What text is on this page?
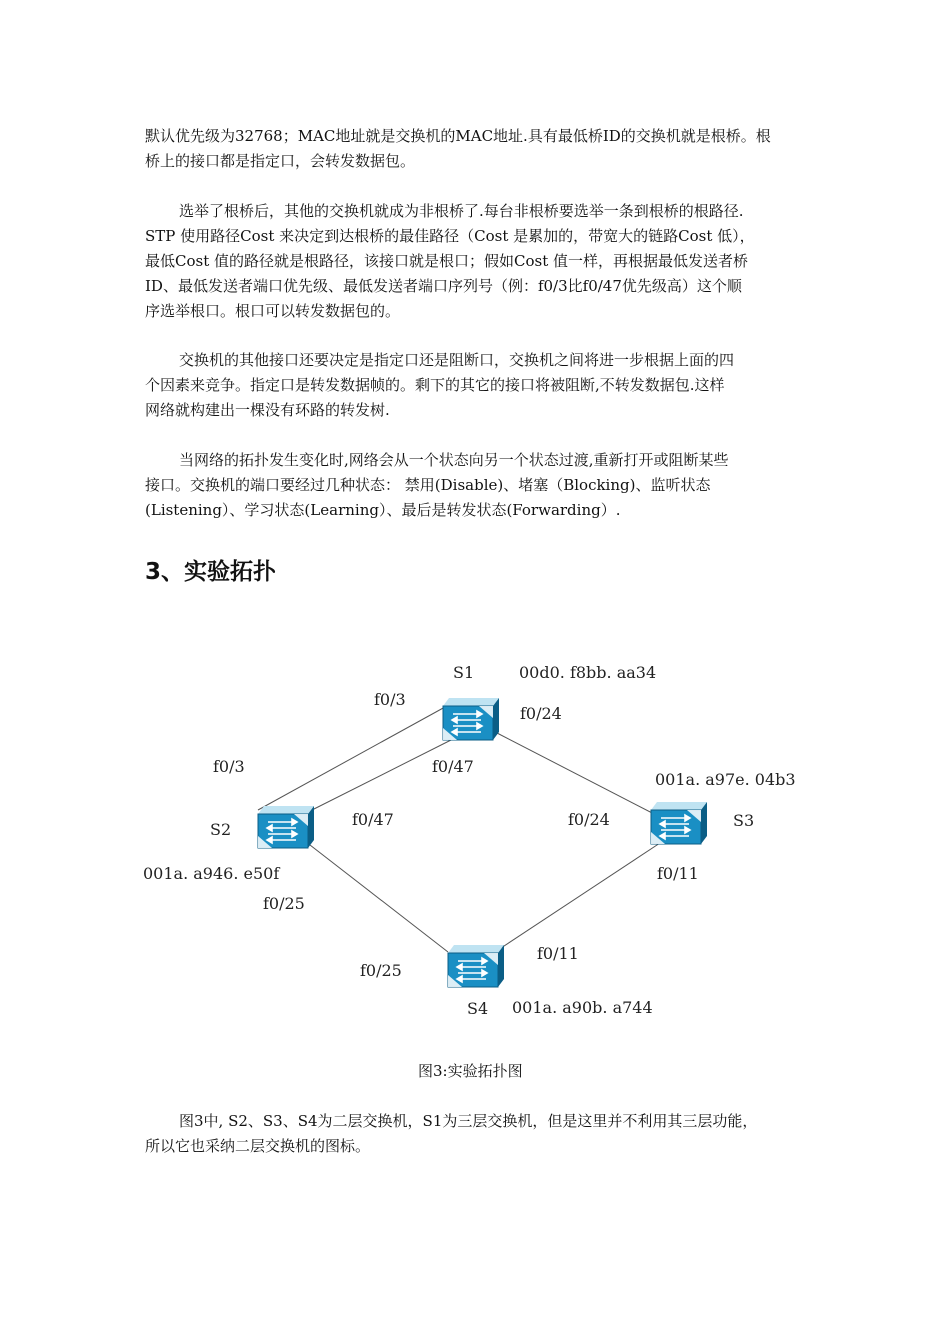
默认优先级为32768；MAC地址就是交换机的MAC地址.具有最低桥ID的交换机就是根桥。根
桥上的接口都是指定口，会转发数据包。
选举了根桥后，其他的交换机就成为非根桥了.每台非根桥要选举一条到根桥的根路径.
STP 使用路径Cost 来决定到达根桥的最佳路径（Cost 是累加的，带宽大的链路Cost 低），
最低Cost 值的路径就是根路径，该接口就是根口；假如Cost 值一样，再根据最低发送者桥
ID、最低发送者端口优先级、最低发送者端口序列号（例：f0/3比f0/47优先级高）这个顺
序选举根口。根口可以转发数据包的。
交换机的其他接口还要决定是指定口还是阻断口，交换机之间将进一步根据上面的四
个因素来竞争。指定口是转发数据帧的。剩下的其它的接口将被阻断,不转发数据包.这样
网络就构建出一棵没有环路的转发树.
当网络的拓扑发生变化时,网络会从一个状态向另一个状态过渡,重新打开或阻断某些
接口。交换机的端口要经过几种状态： 禁用(Disable)、堵塞（Blocking)、监听状态
(Listening）、学习状态(Learning）、最后是转发状态(Forwarding）.
3、实验拓扑
S1
S2	S3
S4
00d0. f8bb. aa34
001a. a946. e50f
001a. a97e. 04b3
001a. a90b. a744
f0/3
f0/24
f0/47
f0/3
f0/47	f0/24
f0/11
f0/25
f0/25
f0/11

图3:实验拓扑图

图3中, S2、S3、S4为二层交换机，S1为三层交换机，但是这里并不利用其三层功能，
所以它也采纳二层交换机的图标。
